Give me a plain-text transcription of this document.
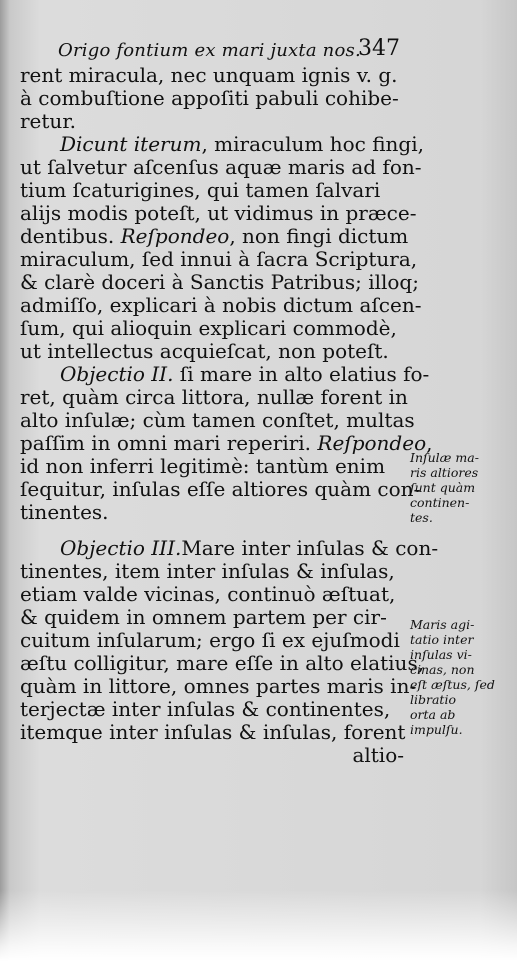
Origo fontium ex mari juxta nos.
347
rent miracula, nec unquam ignis v. g.
à combuſtione appoſiti pabuli cohibe-
retur.
Dicunt iterum, miraculum hoc fingi,
ut ſalvetur aſcenſus aquæ maris ad fon-
tium ſcaturigines, qui tamen ſalvari
alijs modis poteſt, ut vidimus in præce-
dentibus. Reſpondeo, non fingi dictum
miraculum, ſed innui à ſacra Scriptura,
& clarè doceri à Sanctis Patribus; illoq;
admiſſo, explicari à nobis dictum aſcen-
ſum, qui alioquin explicari commodè,
ut intellectus acquieſcat, non poteſt.
Objectio II. ſi mare in alto elatius fo-
ret, quàm circa littora, nullæ forent in
alto inſulæ; cùm tamen conſtet, multas
paſſim in omni mari reperiri. Reſpondeo,
id non inferri legitimè: tantùm enim
ſequitur, inſulas eſſe altiores quàm con-
tinentes.
Objectio III.Mare inter inſulas & con-
tinentes, item inter inſulas & inſulas,
etiam valde vicinas, continuò æſtuat,
& quidem in omnem partem per cir-
cuitum inſularum; ergo ſi ex ejuſmodi
æſtu colligitur, mare eſſe in alto elatius,
quàm in littore, omnes partes maris in-
terjectæ inter inſulas & continentes,
itemque inter inſulas & inſulas, forent
altio-
Inſulæ ma-
ris altiores
ſunt quàm
continen-
tes.
Maris agi-
tatio inter
inſulas vi-
cinas, non
eſt æſtus, ſed
libratio
orta ab
impulſu.
